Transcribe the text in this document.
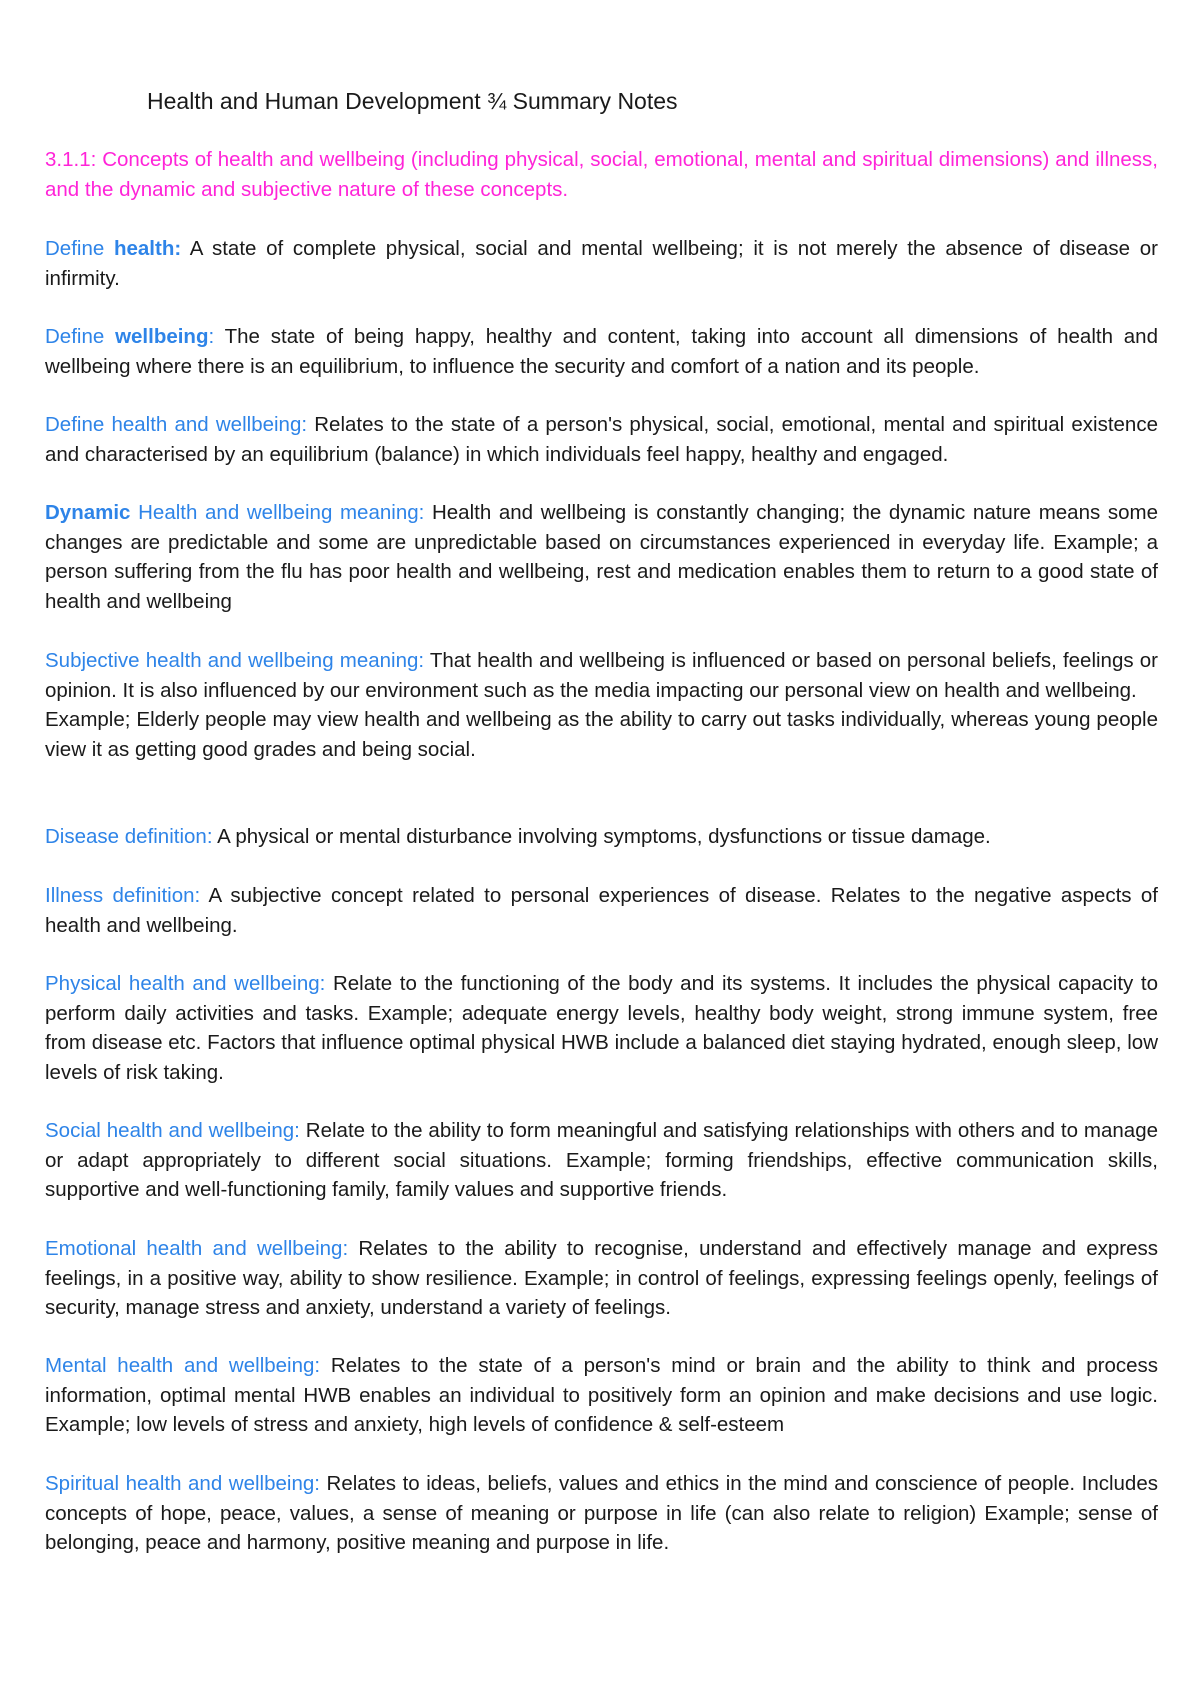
Health and Human Development ¾ Summary Notes
3.1.1: Concepts of health and wellbeing (including physical, social, emotional, mental and spiritual dimensions) and illness, and the dynamic and subjective nature of these concepts.
Define health: A state of complete physical, social and mental wellbeing; it is not merely the absence of disease or infirmity.
Define wellbeing: The state of being happy, healthy and content, taking into account all dimensions of health and wellbeing where there is an equilibrium, to influence the security and comfort of a nation and its people.
Define health and wellbeing: Relates to the state of a person's physical, social, emotional, mental and spiritual existence and characterised by an equilibrium (balance) in which individuals feel happy, healthy and engaged.
Dynamic Health and wellbeing meaning: Health and wellbeing is constantly changing; the dynamic nature means some changes are predictable and some are unpredictable based on circumstances experienced in everyday life. Example; a person suffering from the flu has poor health and wellbeing, rest and medication enables them to return to a good state of health and wellbeing
Subjective health and wellbeing meaning: That health and wellbeing is influenced or based on personal beliefs, feelings or opinion. It is also influenced by our environment such as the media impacting our personal view on health and wellbeing.
Example; Elderly people may view health and wellbeing as the ability to carry out tasks individually, whereas young people view it as getting good grades and being social.
Disease definition: A physical or mental disturbance involving symptoms, dysfunctions or tissue damage.
Illness definition: A subjective concept related to personal experiences of disease. Relates to the negative aspects of health and wellbeing.
Physical health and wellbeing: Relate to the functioning of the body and its systems. It includes the physical capacity to perform daily activities and tasks. Example; adequate energy levels, healthy body weight, strong immune system, free from disease etc. Factors that influence optimal physical HWB include a balanced diet staying hydrated, enough sleep, low levels of risk taking.
Social health and wellbeing: Relate to the ability to form meaningful and satisfying relationships with others and to manage or adapt appropriately to different social situations. Example; forming friendships, effective communication skills, supportive and well-functioning family, family values and supportive friends.
Emotional health and wellbeing: Relates to the ability to recognise, understand and effectively manage and express feelings, in a positive way, ability to show resilience. Example; in control of feelings, expressing feelings openly, feelings of security, manage stress and anxiety, understand a variety of feelings.
Mental health and wellbeing: Relates to the state of a person's mind or brain and the ability to think and process information, optimal mental HWB enables an individual to positively form an opinion and make decisions and use logic. Example; low levels of stress and anxiety, high levels of confidence & self-esteem
Spiritual health and wellbeing: Relates to ideas, beliefs, values and ethics in the mind and conscience of people. Includes concepts of hope, peace, values, a sense of meaning or purpose in life (can also relate to religion) Example; sense of belonging, peace and harmony, positive meaning and purpose in life.
